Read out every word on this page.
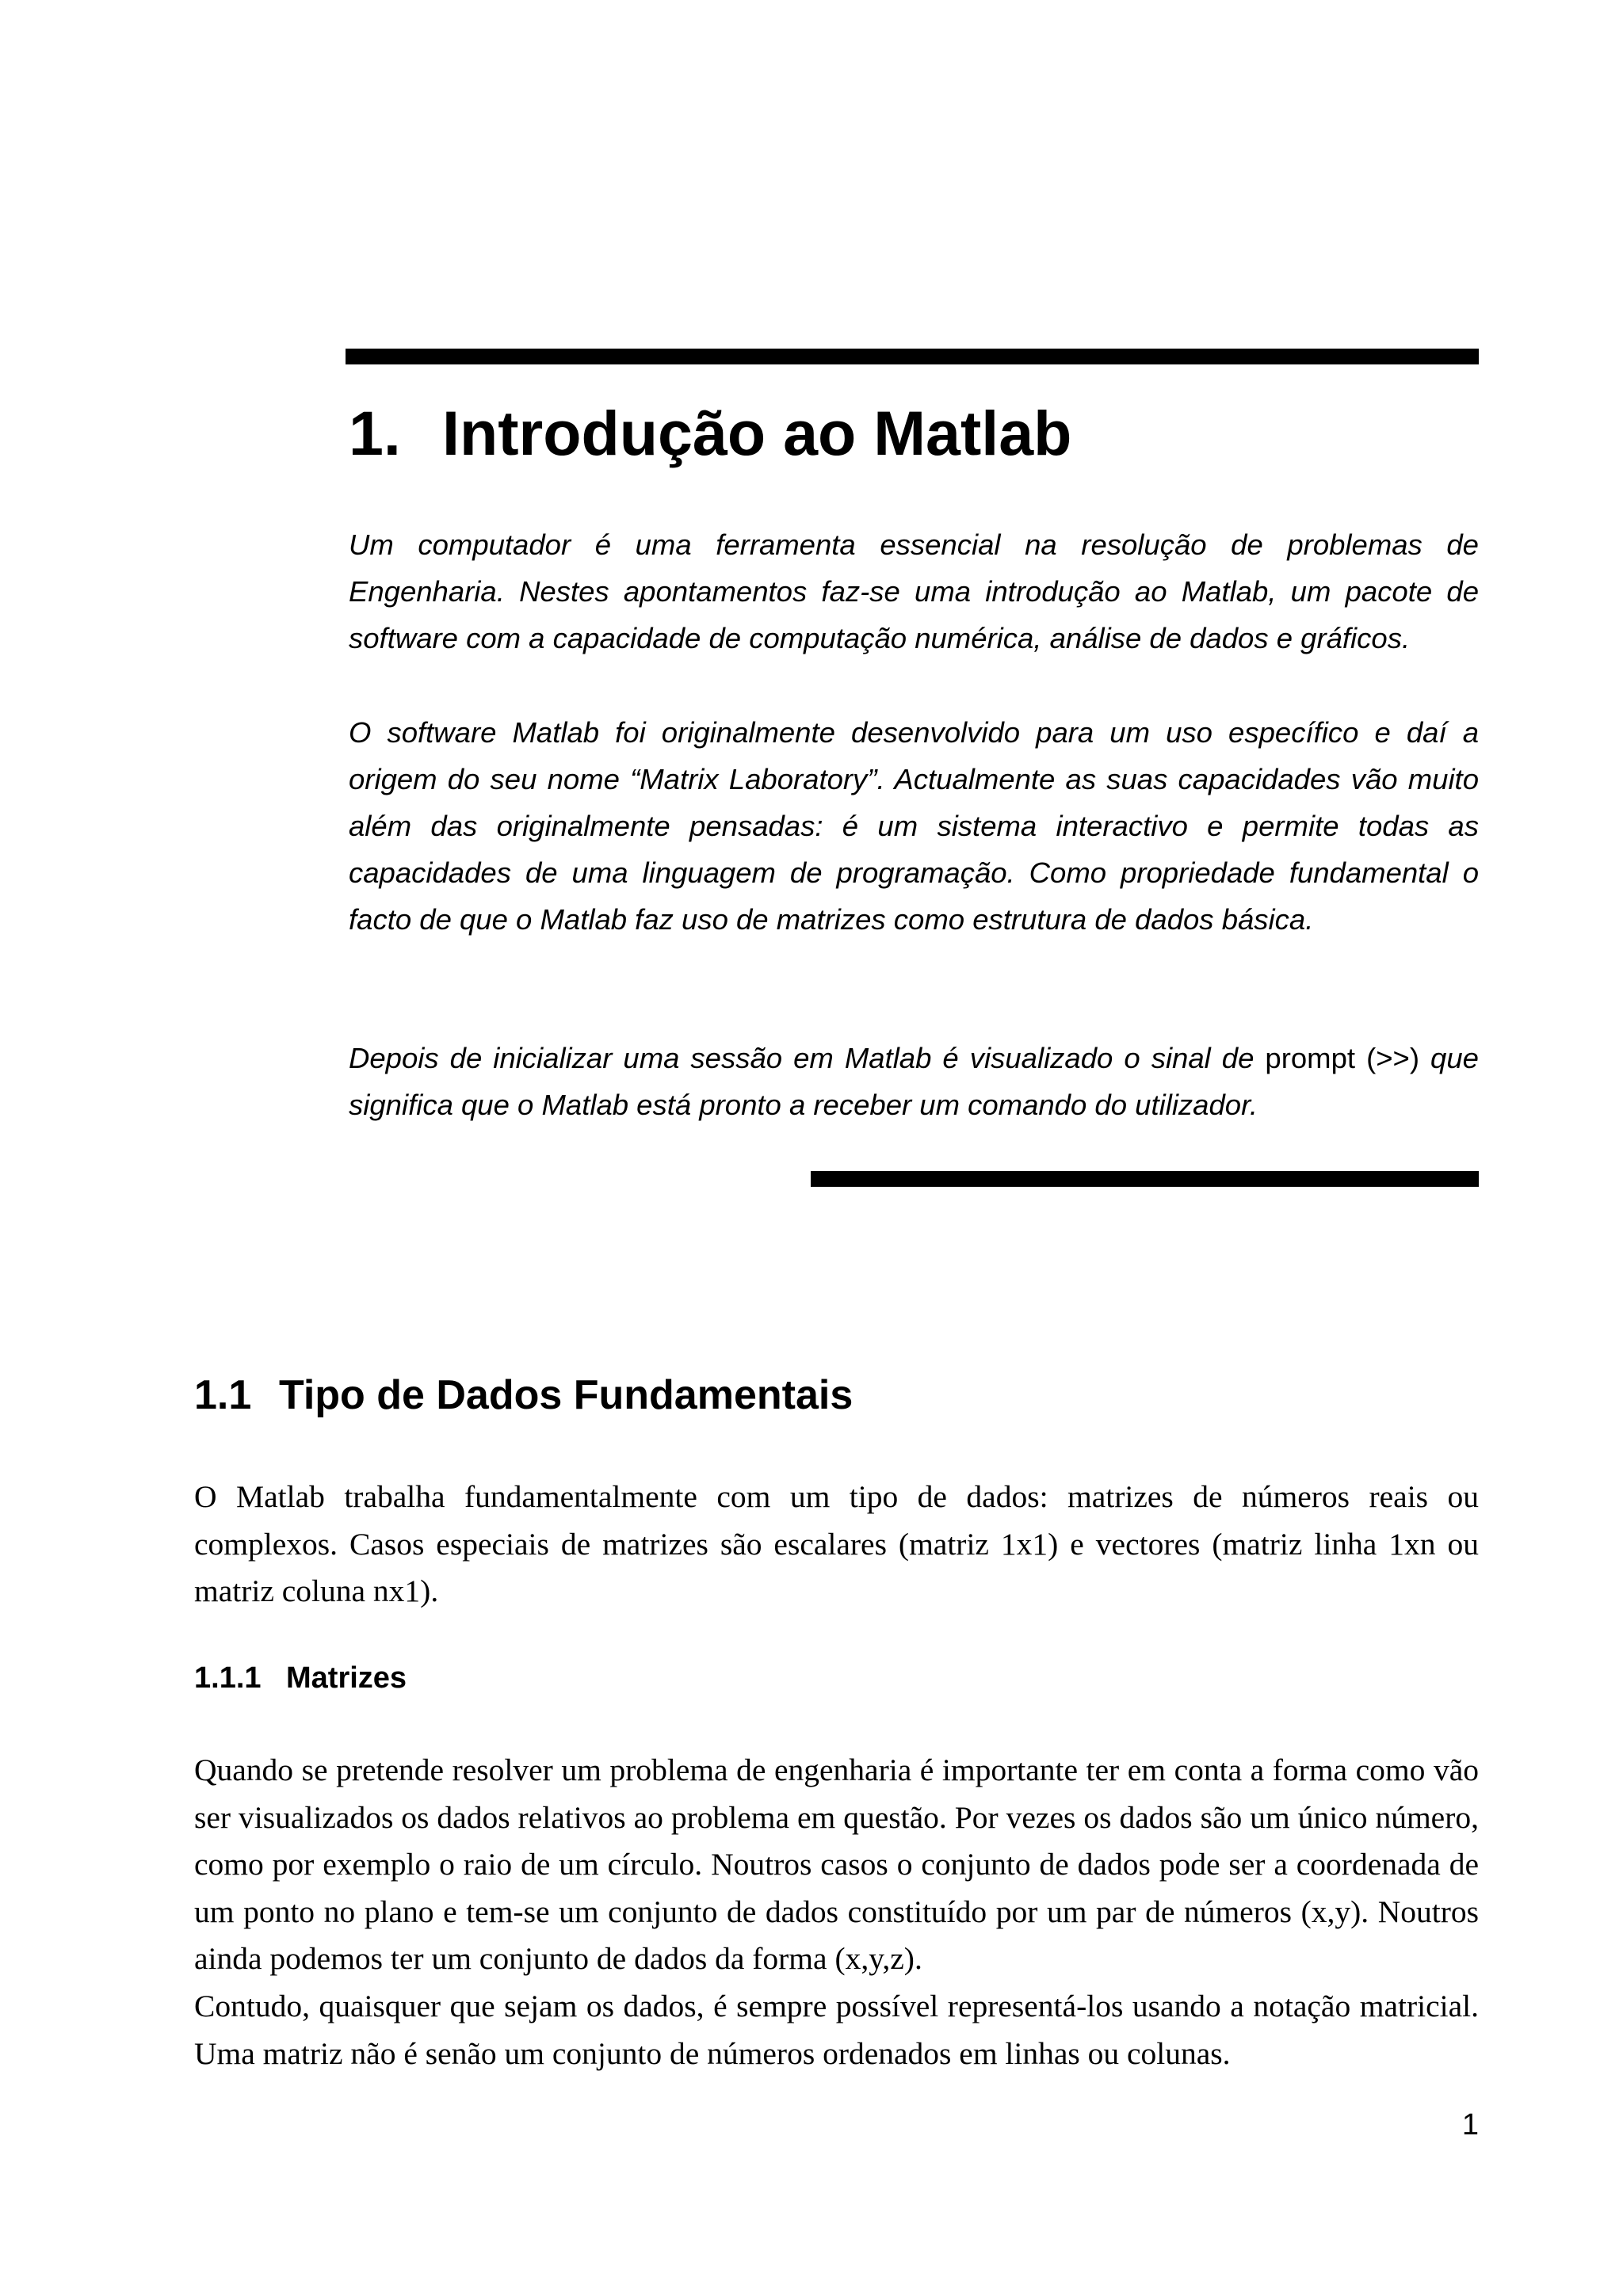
1. Introdução ao Matlab

Um computador é uma ferramenta essencial na resolução de problemas de Engenharia. Nestes apontamentos faz-se uma introdução ao Matlab, um pacote de software com a capacidade de computação numérica, análise de dados e gráficos.

O software Matlab foi originalmente desenvolvido para um uso específico e daí a origem do seu nome “Matrix Laboratory”. Actualmente as suas capacidades vão muito além das originalmente pensadas: é um sistema interactivo e permite todas as capacidades de uma linguagem de programação. Como propriedade fundamental o facto de que o Matlab faz uso de matrizes como estrutura de dados básica.

Depois de inicializar uma sessão em Matlab é visualizado o sinal de prompt (>>) que significa que o Matlab está pronto a receber um comando do utilizador.

1.1 Tipo de Dados Fundamentais

O Matlab trabalha fundamentalmente com um tipo de dados: matrizes de números reais ou complexos. Casos especiais de matrizes são escalares (matriz 1x1) e vectores (matriz linha 1xn ou matriz coluna nx1).

1.1.1 Matrizes

Quando se pretende resolver um problema de engenharia é importante ter em conta a forma como vão ser visualizados os dados relativos ao problema em questão. Por vezes os dados são um único número, como por exemplo o raio de um círculo. Noutros casos o conjunto de dados pode ser a coordenada de um ponto no plano e tem-se um conjunto de dados constituído por um par de números (x,y). Noutros ainda podemos ter um conjunto de dados da forma (x,y,z).

Contudo, quaisquer que sejam os dados, é sempre possível representá-los usando a notação matricial. Uma matriz não é senão um conjunto de números ordenados em linhas ou colunas.

1
